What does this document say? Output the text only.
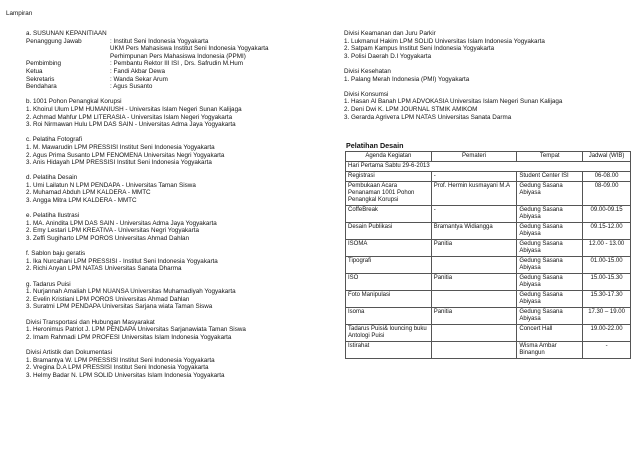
Lampiran
a. SUSUNAN KEPANITIAAN
Penanggung Jawab	: Institut Seni Indonesia Yogyakarta
UKM Pers Mahasiswa Institut Seni Indonesia Yogyakarta
Perhimpunan Pers Mahasiswa Indonesia (PPMI)
Pembimbing	: Pembantu Rektor III ISI , Drs. Safrudin M.Hum
Ketua	: Fandi Akbar Dewa
Sekretaris	: Wanda Sekar Arum
Bendahara	: Agus Susanto
b. 1001 Pohon Penangkal Korupsi
1. Khoirul Ulum LPM HUMANIUSH - Universitas Islam Negeri Sunan Kalijaga
2. Achmad Mahfur LPM LITERASIA - Universitas Islam Negeri Yogyakarta
3. Roi Nirmawan Hulu LPM DAS SAIN - Universitas Adma Jaya Yogyakarta
c. Pelatiha Fotografi
1. M. Mawarudin LPM PRESSISI Institut Seni Indonesia Yogyakarta
2. Agus Prima Susanto LPM FENOMENA Universitas Negri Yogyakarta
3. Anis Hidayah LPM PRESSISI Institut Seni Indonesia Yogyakarta
d. Pelatiha Desain
1. Umi Lailatun N LPM PENDAPA - Universitas Taman Siswa
2. Muhamad Abduh LPM KALDERA - MMTC
3. Angga Mitra LPM KALDERA - MMTC
e. Pelatiha Ilustrasi
1. MA. Anindita LPM DAS SAIN - Universitas Adma Jaya Yogyakarta
2. Emy Lestari LPM KREATIVA - Universitas Negri Yogyakarta
3. Zeffi Sugiharto LPM POROS Universitas Ahmad Dahlan
f. Sablon baju geratis
1. Ika Nurcahani LPM PRESSISI - Institut Seni Indonesia Yogyakarta
2. Richi Anyan LPM NATAS Universitas Sanata Dharma
g. Tadarus Puisi
1. Nurjannah Amaliah LPM NUANSA Universitas Muhamadiyah Yogyakarta
2. Evelin Kristiani LPM POROS Universitas Ahmad Dahlan
3. Suratmi LPM PENDAPA Universitas Sarjana wiata Taman Siswa
Divisi Transportasi dan Hubungan Masyarakat
1. Heronimus Patriot J. LPM PENDAPA Universitas Sarjanawiata Taman Siswa
2. Imam Rahmadi LPM PROFESI Universitas Islam Indonesia Yogyakarta
Divisi Artistik dan Dokumentasi
1. Bramantya W. LPM PRESSISI Institut Seni Indonesia Yogyakarta
2. Vregina D.A LPM PRESSISI Institut Seni Indonesia Yogyakarta
3. Helmy Badar N. LPM SOLID Universitas Islam Indonesia Yogyakarta
Divisi Keamanan dan Juru Parkir
1. Lukmanul Hakim LPM SOLID Universitas Islam Indonesia Yogyakarta
2. Satpam Kampus Institut Seni Indonesia Yogyakarta
3. Polisi Daerah D.I Yogyakarta
Divisi Kesehatan
1. Palang Merah Indonesia (PMI) Yogyakarta
Divisi Konsumsi
1. Hasan Al Banah LPM ADVOKASIA Universitas Islam Negeri Sunan Kalijaga
2. Deni Dwi K. LPM JOURNAL STMIK AMIKOM
3. Gerarda Agrivета LPM NATAS Universitas Sanata Darma
Pelatihan Desain
Agenda Kegiatan	Pemateri	Tempat	Jadwal (WIB)
Hari Pertama Sabtu 29-6-2013			
Registrasi	-	Student Center ISI	06-08.00
Pembukaan Acara Penanaman 1001 Pohon Penangkal Korupsi	Prof. Hermin kusmayani M.A	Gedung Sasana Abiyasa	08-09.00
CoffeBreak	-	Gedung Sasana Abiyasa	09.00-09.15
Desain Publikasi	Bramantya Widiangga	Gedung Sasana Abiyasa	09.15-12.00
ISOMA	Panitia	Gedung Sasana Abiyasa	12.00 - 13.00
Tipografi		Gedung Sasana Abiyasa	01.00-15.00
ISO	Panitia	Gedung Sasana Abiyasa	15.00-15.30
Foto Manipulasi		Gedung Sasana Abiyasa	15.30-17.30
Isoma	Panitia	Gedung Sasana Abiyasa	17.30 – 19.00
Tadarus Puisi& louncing buku Antologi Puisi		Concert Hall	19.00-22.00
Istirahat		Wisma Ambar Binangun	-
